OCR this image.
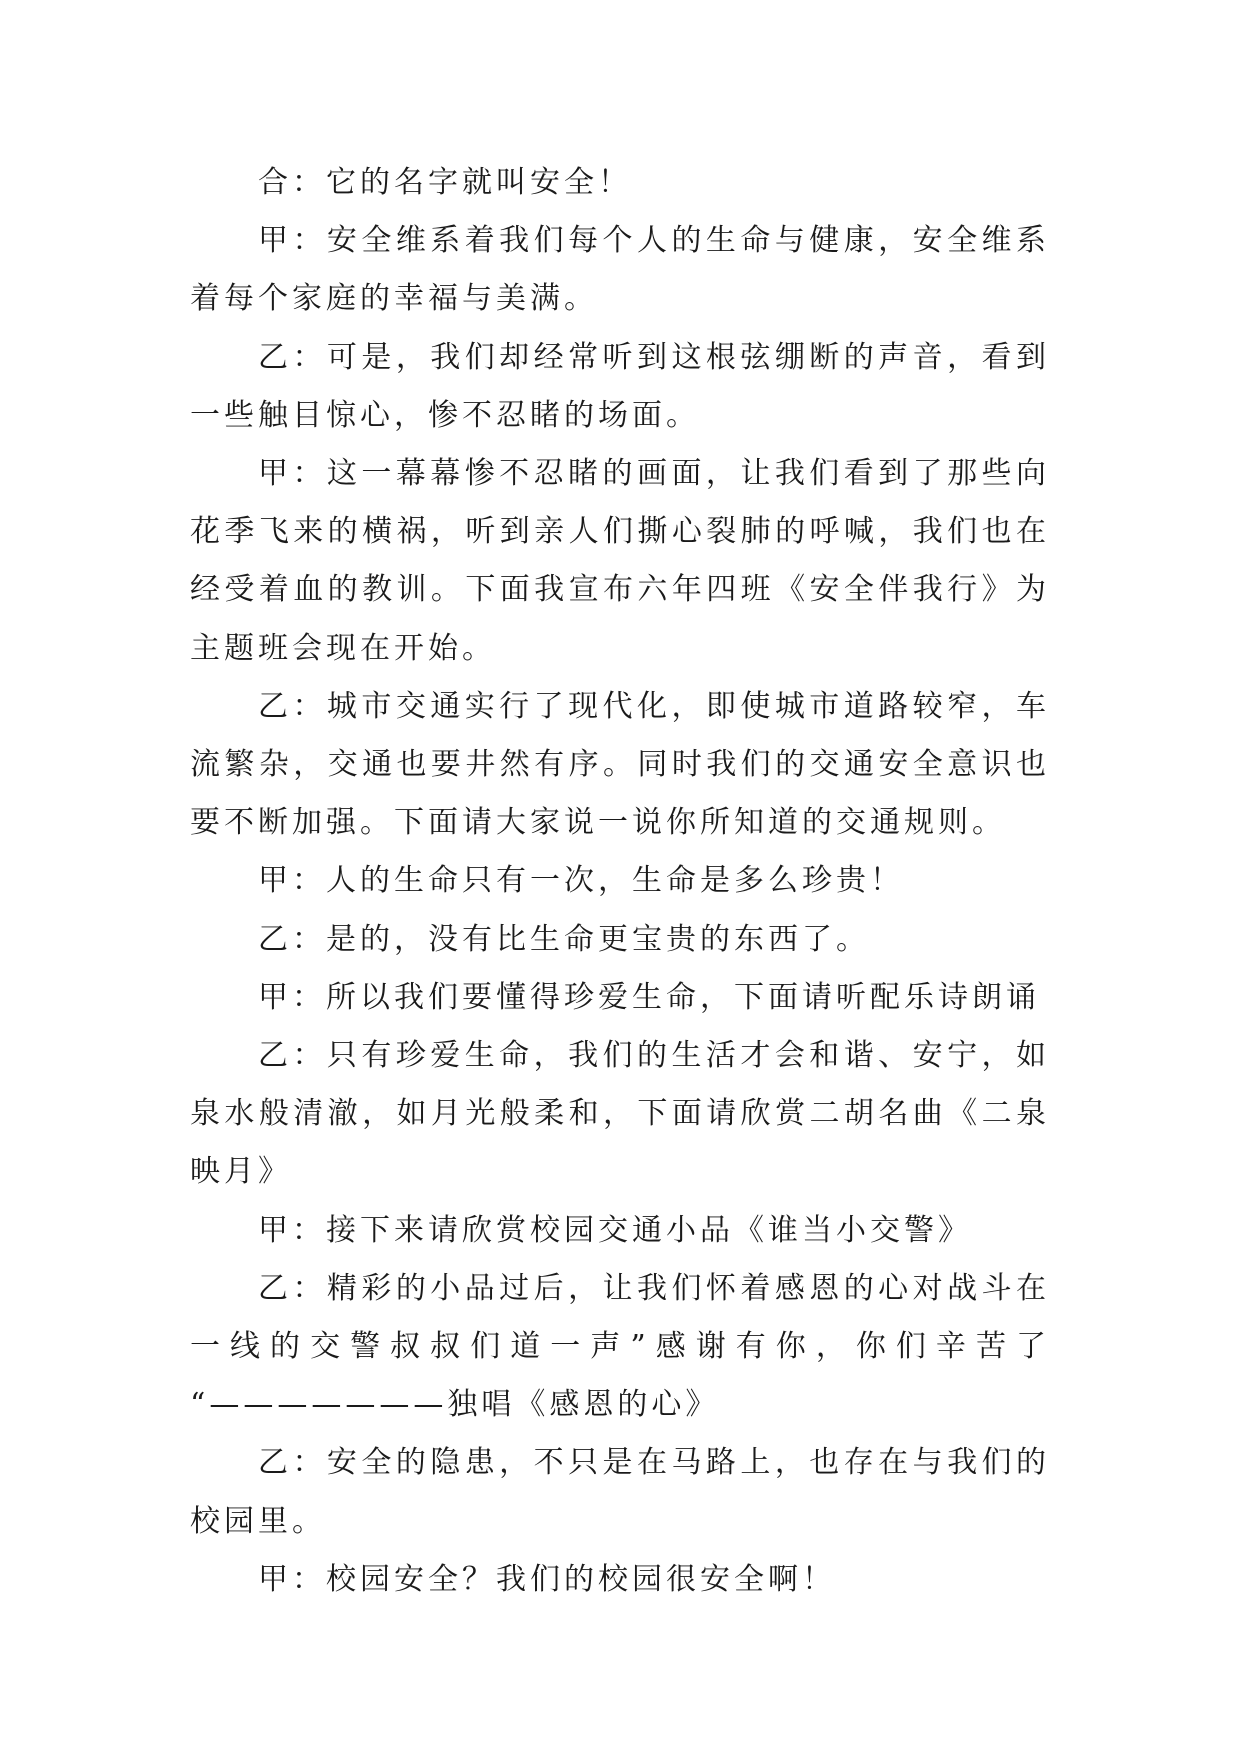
合：它的名字就叫安全！

甲：安全维系着我们每个人的生命与健康，安全维系着每个家庭的幸福与美满。

乙：可是，我们却经常听到这根弦绷断的声音，看到一些触目惊心，惨不忍睹的场面。

甲：这一幕幕惨不忍睹的画面，让我们看到了那些向花季飞来的横祸，听到亲人们撕心裂肺的呼喊，我们也在经受着血的教训。下面我宣布六年四班《安全伴我行》为主题班会现在开始。

乙：城市交通实行了现代化，即使城市道路较窄，车流繁杂，交通也要井然有序。同时我们的交通安全意识也要不断加强。下面请大家说一说你所知道的交通规则。

甲：人的生命只有一次，生命是多么珍贵！

乙：是的，没有比生命更宝贵的东西了。

甲：所以我们要懂得珍爱生命，下面请听配乐诗朗诵

乙：只有珍爱生命，我们的生活才会和谐、安宁，如泉水般清澈，如月光般柔和，下面请欣赏二胡名曲《二泉映月》

甲：接下来请欣赏校园交通小品《谁当小交警》

乙：精彩的小品过后，让我们怀着感恩的心对战斗在一线的交警叔叔们道一声”感谢有你，你们辛苦了

“———————独唱《感恩的心》

乙：安全的隐患，不只是在马路上，也存在与我们的校园里。

甲：校园安全？我们的校园很安全啊！
